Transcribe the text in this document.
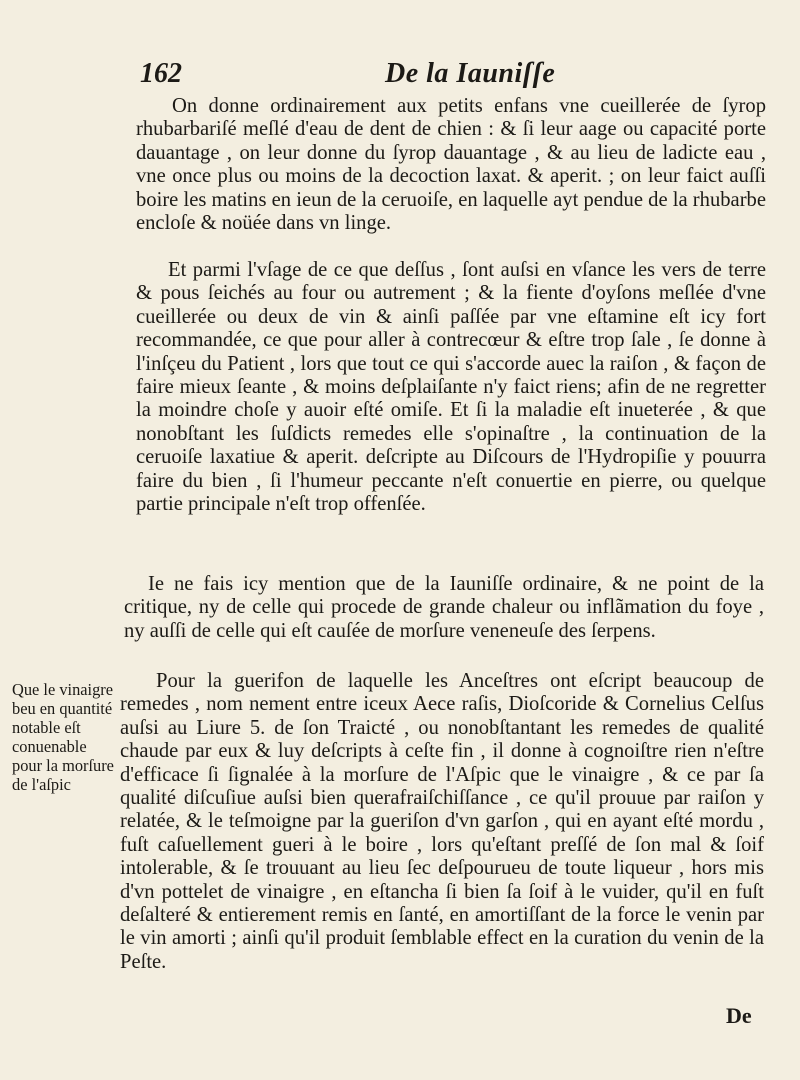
162	De la Iauniſſe

On donne ordinairement aux petits enfans vne cueillerée de ſyrop rhubarbariſé meſlé d'eau de dent de chien : & ſi leur aage ou capacité porte dauantage , on leur donne du ſyrop dauantage , & au lieu de ladicte eau , vne once plus ou moins de la decoction laxat. & aperit. ; on leur faict auſſi boire les matins en ieun de la ceruoiſe, en laquelle ayt pendue de la rhubarbe encloſe & noüée dans vn linge.

Et parmi l'vſage de ce que deſſus , ſont auſsi en vſance les vers de terre & pous ſeichés au four ou autrement ; & la fiente d'oyſons meſlée d'vne cueillerée ou deux de vin & ainſi paſſée par vne eſtamine eſt icy fort recommandée, ce que pour aller à contrecœur & eſtre trop ſale , ſe donne à l'inſçeu du Patient , lors que tout ce qui s'accorde auec la raiſon , & façon de faire mieux ſeante , & moins deſplaiſante n'y faict riens; afin de ne regretter la moindre choſe y auoir eſté omiſe. Et ſi la maladie eſt inueterée , & que nonobſtant les ſuſdicts remedes elle s'opinaſtre , la continuation de la ceruoiſe laxatiue & aperit. deſcripte au Diſcours de l'Hydropiſie y pouurra faire du bien , ſi l'humeur peccante n'eſt conuertie en pierre, ou quelque partie principale n'eſt trop offenſée.

Ie ne fais icy mention que de la Iauniſſe ordinaire, & ne point de la critique, ny de celle qui procede de grande chaleur ou inflãmation du foye , ny auſſi de celle qui eſt cauſée de morſure veneneuſe des ſerpens.

Que le vinaigre beu en quantité notable eſt conuenable pour la morſure de l'aſpic

Pour la guerifon de laquelle les Anceſtres ont eſcript beaucoup de remedes , nom nement entre iceux Aece raſis, Dioſcoride & Cornelius Celſus auſsi au Liure 5. de ſon Traicté , ou nonobſtantant les remedes de qualité chaude par eux & luy deſcripts à ceſte fin , il donne à cognoiſtre rien n'eſtre d'efficace ſi ſignalée à la morſure de l'Aſpic que le vinaigre , & ce par ſa qualité diſcuſiue auſsi bien querafraiſchiſſance , ce qu'il prouue par raiſon y relatée, & le teſmoigne par la gueriſon d'vn garſon , qui en ayant eſté mordu , fuſt caſuellement gueri à le boire , lors qu'eſtant preſſé de ſon mal & ſoif intolerable, & ſe trouuant au lieu ſec deſpourueu de toute liqueur , hors mis d'vn pottelet de vinaigre , en eſtancha ſi bien ſa ſoif à le vuider, qu'il en fuſt deſalteré & entierement remis en ſanté, en amortiſſant de la force le venin par le vin amorti ; ainſi qu'il produit ſemblable effect en la curation du venin de la Peſte.

De
